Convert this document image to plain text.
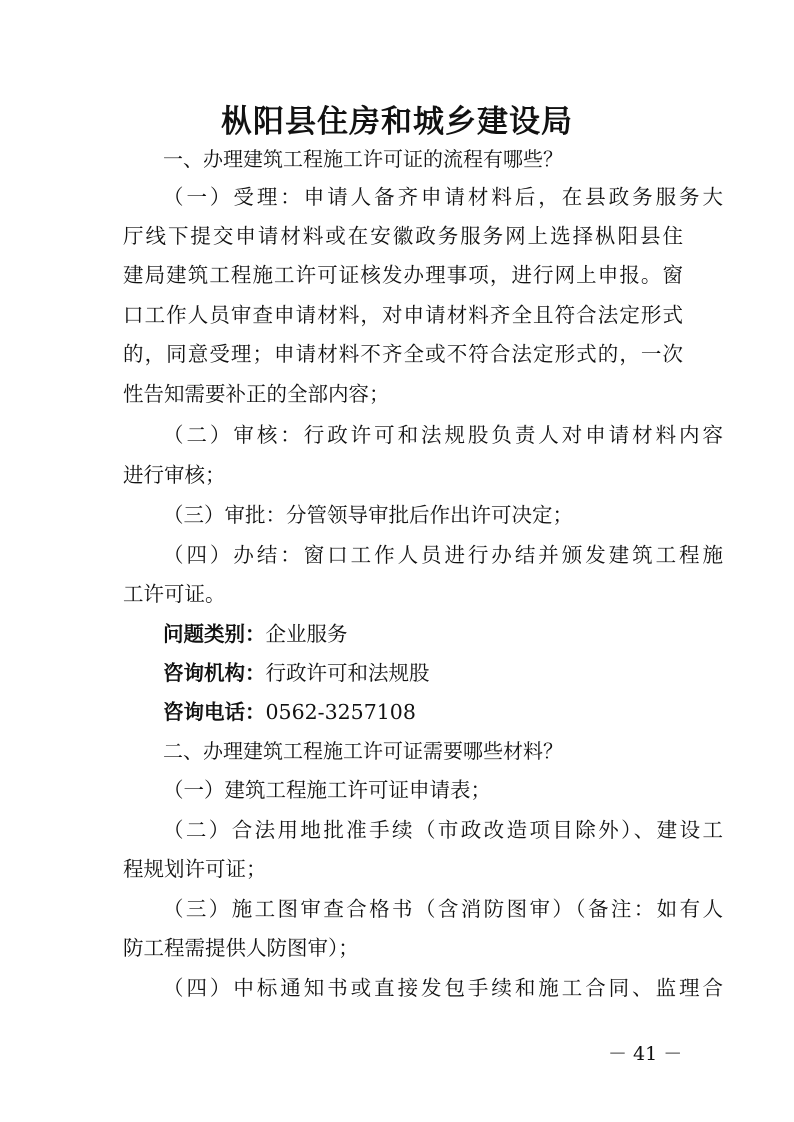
枞阳县住房和城乡建设局

一、办理建筑工程施工许可证的流程有哪些？

（一）受理：申请人备齐申请材料后，在县政务服务大

厅线下提交申请材料或在安徽政务服务网上选择枞阳县住

建局建筑工程施工许可证核发办理事项，进行网上申报。窗

口工作人员审查申请材料，对申请材料齐全且符合法定形式

的，同意受理；申请材料不齐全或不符合法定形式的，一次

性告知需要补正的全部内容；

（二）审核：行政许可和法规股负责人对申请材料内容

进行审核；

（三）审批：分管领导审批后作出许可决定；

（四）办结：窗口工作人员进行办结并颁发建筑工程施

工许可证。

问题类别：企业服务

咨询机构：行政许可和法规股

咨询电话：0562-3257108

二、办理建筑工程施工许可证需要哪些材料？

（一）建筑工程施工许可证申请表；

（二）合法用地批准手续（市政改造项目除外）、建设工

程规划许可证；

（三）施工图审查合格书（含消防图审）（备注：如有人

防工程需提供人防图审）；

（四）中标通知书或直接发包手续和施工合同、监理合

－ 41 －
